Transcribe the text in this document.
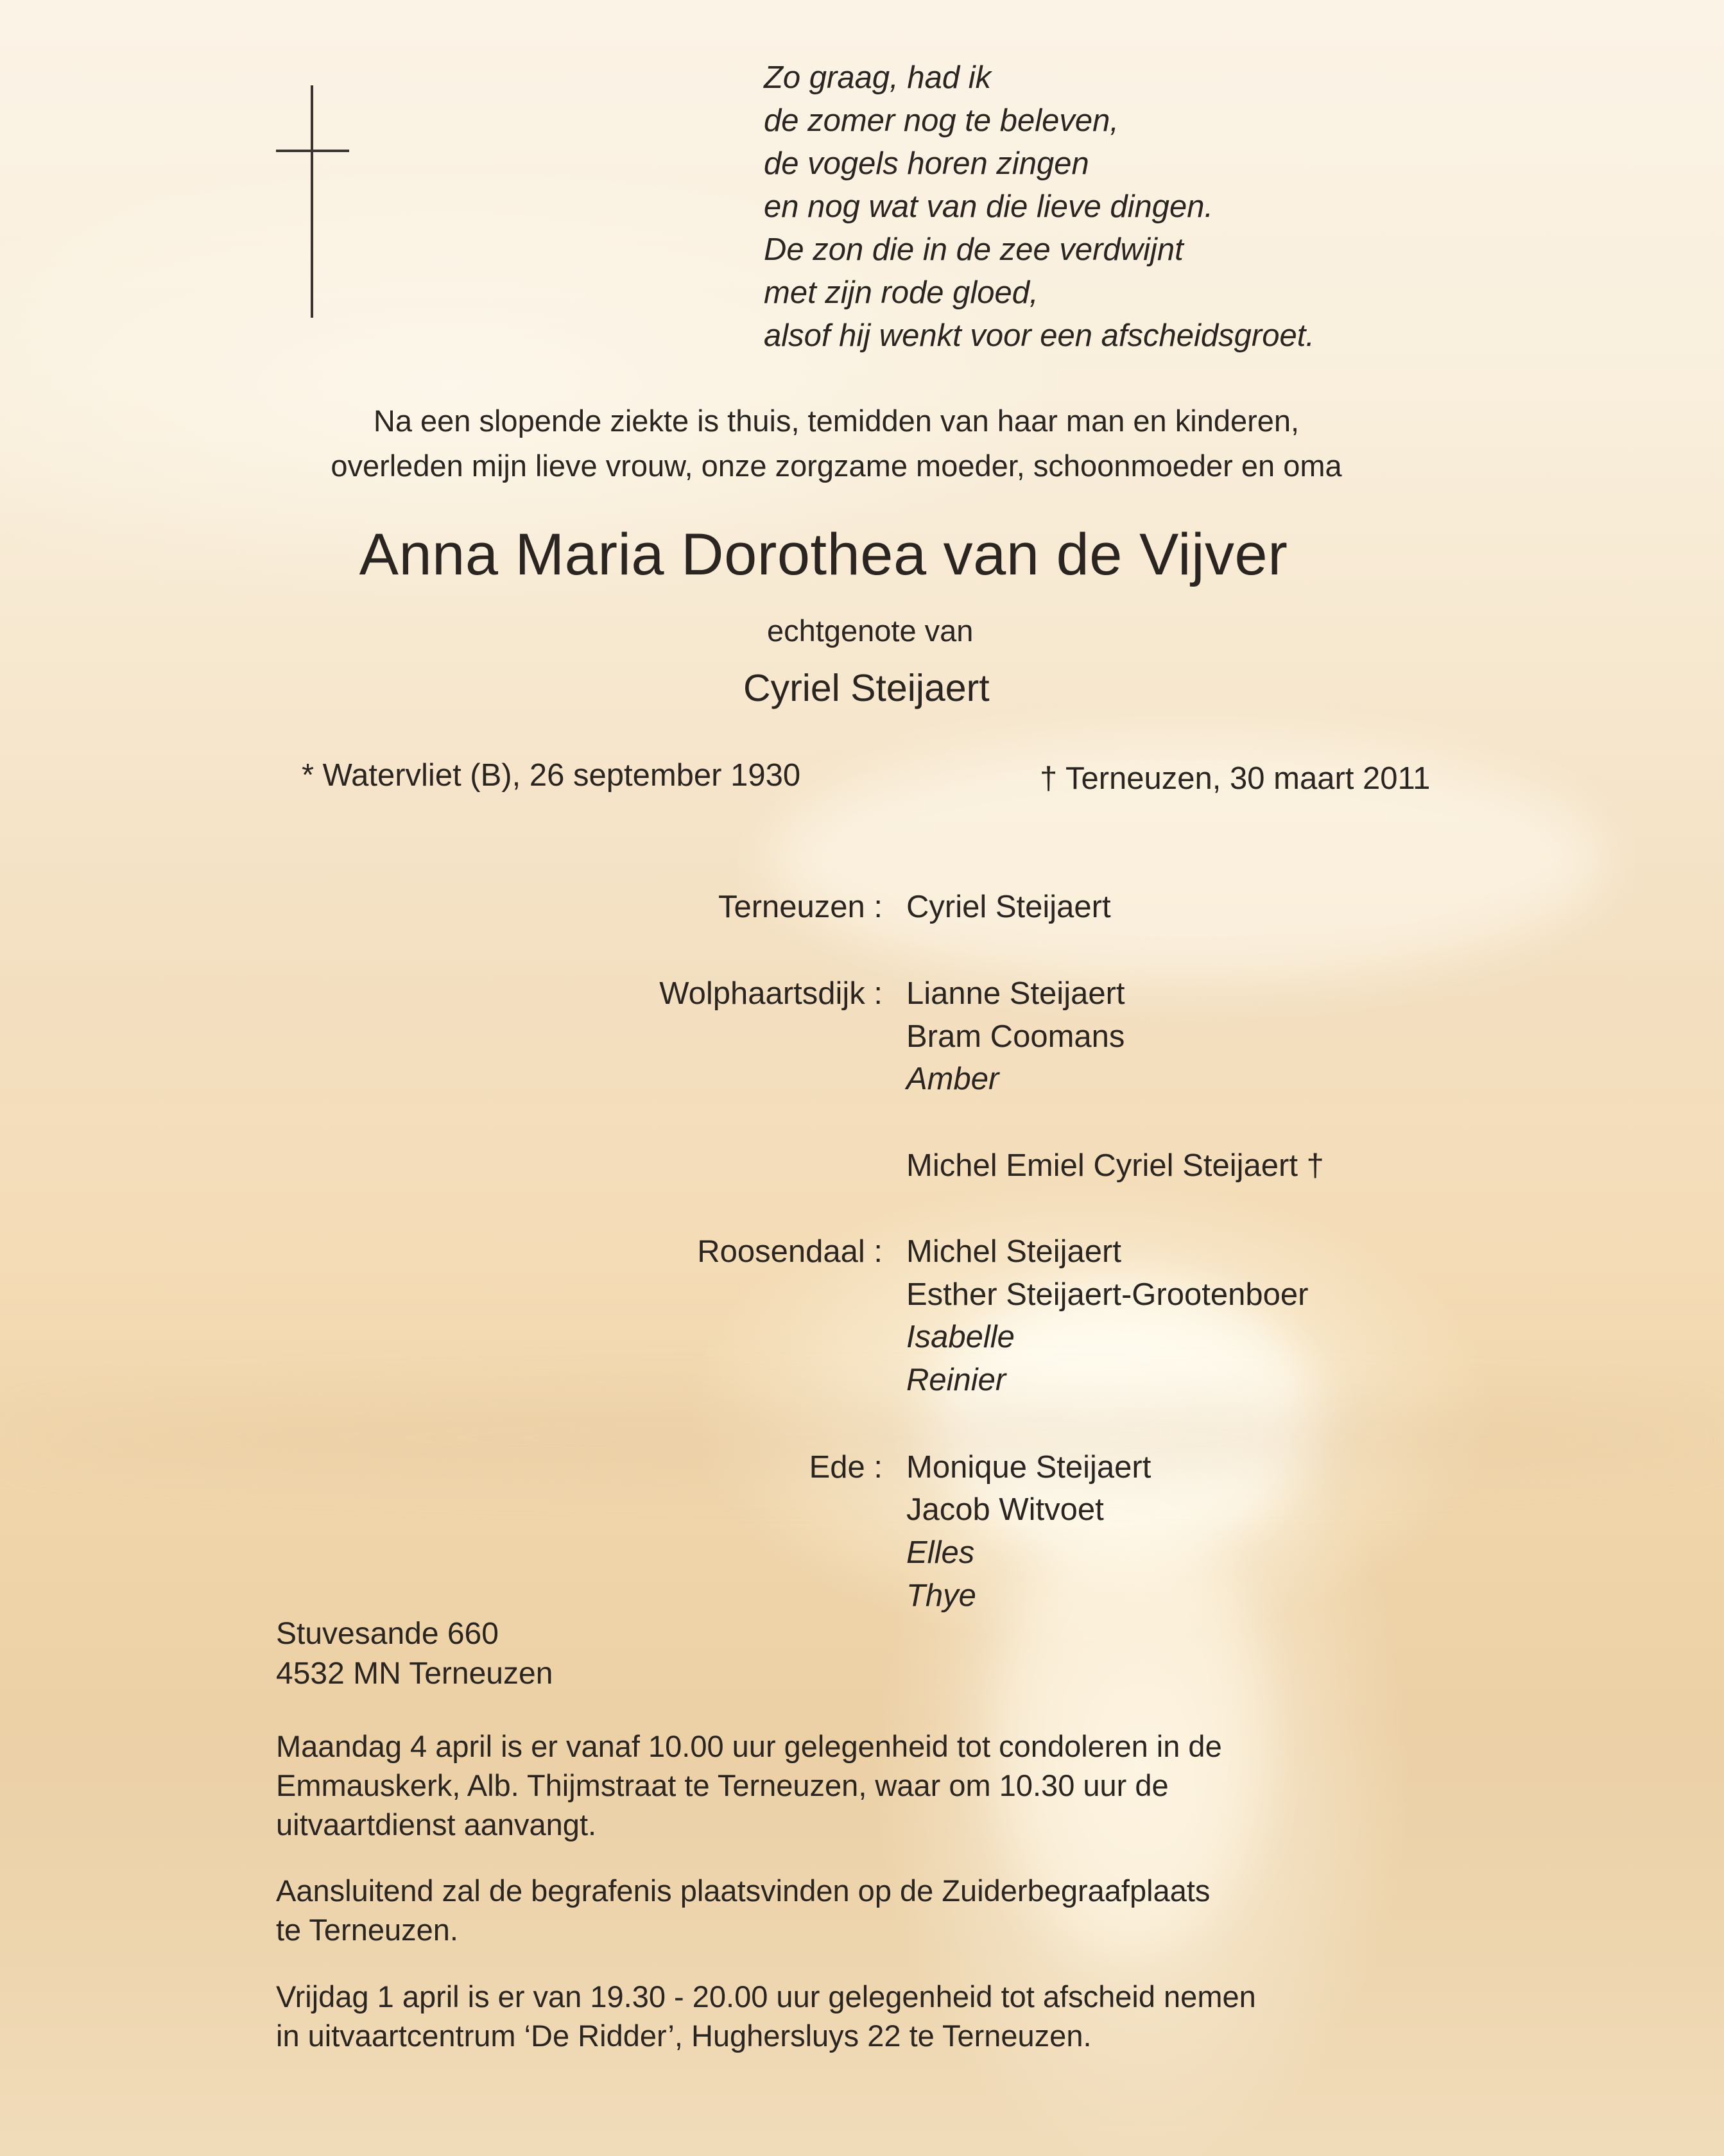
Zo graag, had ik
de zomer nog te beleven,
de vogels horen zingen
en nog wat van die lieve dingen.
De zon die in de zee verdwijnt
met zijn rode gloed,
alsof hij wenkt voor een afscheidsgroet.
Na een slopende ziekte is thuis, temidden van haar man en kinderen,
overleden mijn lieve vrouw, onze zorgzame moeder, schoonmoeder en oma
Anna Maria Dorothea van de Vijver
echtgenote van
Cyriel Steijaert
* Watervliet (B), 26 september 1930	† Terneuzen, 30 maart 2011
Terneuzen : Cyriel Steijaert
Wolphaartsdijk : Lianne Steijaert
Bram Coomans
Amber
Michel Emiel Cyriel Steijaert †
Roosendaal : Michel Steijaert
Esther Steijaert-Grootenboer
Isabelle
Reinier
Ede : Monique Steijaert
Jacob Witvoet
Elles
Thye
Stuvesande 660
4532 MN Terneuzen
Maandag 4 april is er vanaf 10.00 uur gelegenheid tot condoleren in de
Emmauskerk, Alb. Thijmstraat te Terneuzen, waar om 10.30 uur de
uitvaartdienst aanvangt.
Aansluitend zal de begrafenis plaatsvinden op de Zuiderbegraafplaats
te Terneuzen.
Vrijdag 1 april is er van 19.30 - 20.00 uur gelegenheid tot afscheid nemen
in uitvaartcentrum ‘De Ridder’, Hughersluys 22 te Terneuzen.
